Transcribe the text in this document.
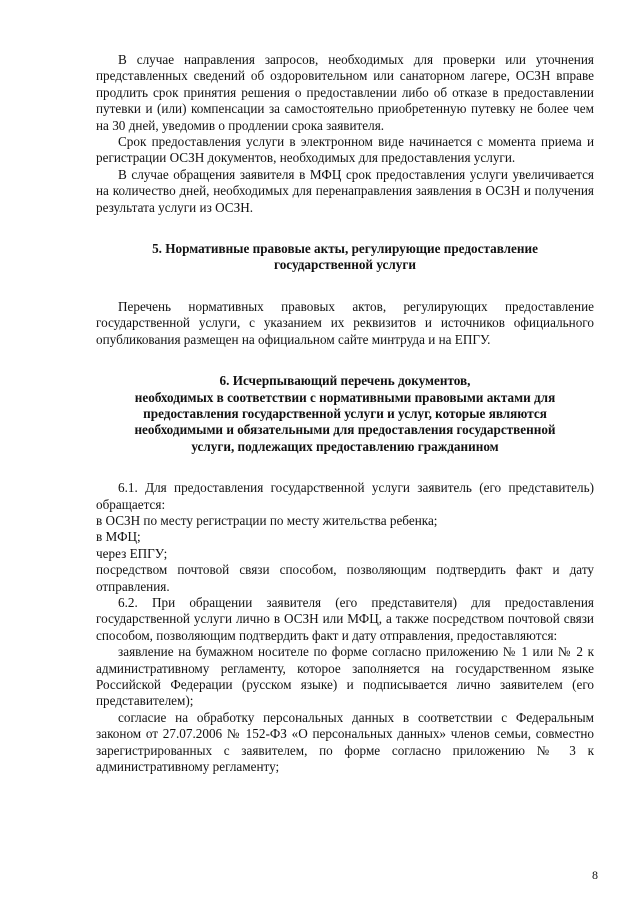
В случае направления запросов, необходимых для проверки или уточнения представленных сведений об оздоровительном или санаторном лагере, ОСЗН вправе продлить срок принятия решения о предоставлении либо об отказе в предоставлении путевки и (или) компенсации за самостоятельно приобретенную путевку не более чем на 30 дней, уведомив о продлении срока заявителя.

Срок предоставления услуги в электронном виде начинается с момента приема и регистрации ОСЗН документов, необходимых для предоставления услуги.

В случае обращения заявителя в МФЦ срок предоставления услуги увеличивается на количество дней, необходимых для перенаправления заявления в ОСЗН и получения результата услуги из ОСЗН.

5. Нормативные правовые акты, регулирующие предоставление
государственной услуги

Перечень нормативных правовых актов, регулирующих предоставление государственной услуги, с указанием их реквизитов и источников официального опубликования размещен на официальном сайте минтруда и на ЕПГУ.

6. Исчерпывающий перечень документов,
необходимых в соответствии с нормативными правовыми актами для
предоставления государственной услуги и услуг, которые являются
необходимыми и обязательными для предоставления государственной
услуги, подлежащих предоставлению гражданином

6.1. Для предоставления государственной услуги заявитель (его представитель) обращается:

в ОСЗН по месту регистрации по месту жительства ребенка;

в МФЦ;

через ЕПГУ;

посредством почтовой связи способом, позволяющим подтвердить факт и дату отправления.

6.2. При обращении заявителя (его представителя) для предоставления государственной услуги лично в ОСЗН или МФЦ, а также посредством почтовой связи способом, позволяющим подтвердить факт и дату отправления, предоставляются:

заявление на бумажном носителе по форме согласно приложению № 1 или № 2 к административному регламенту, которое заполняется на государственном языке Российской Федерации (русском языке) и подписывается лично заявителем (его представителем);

согласие на обработку персональных данных в соответствии с Федеральным законом от 27.07.2006 № 152-ФЗ «О персональных данных» членов семьи, совместно зарегистрированных с заявителем, по форме согласно приложению № 3 к административному регламенту;

8
